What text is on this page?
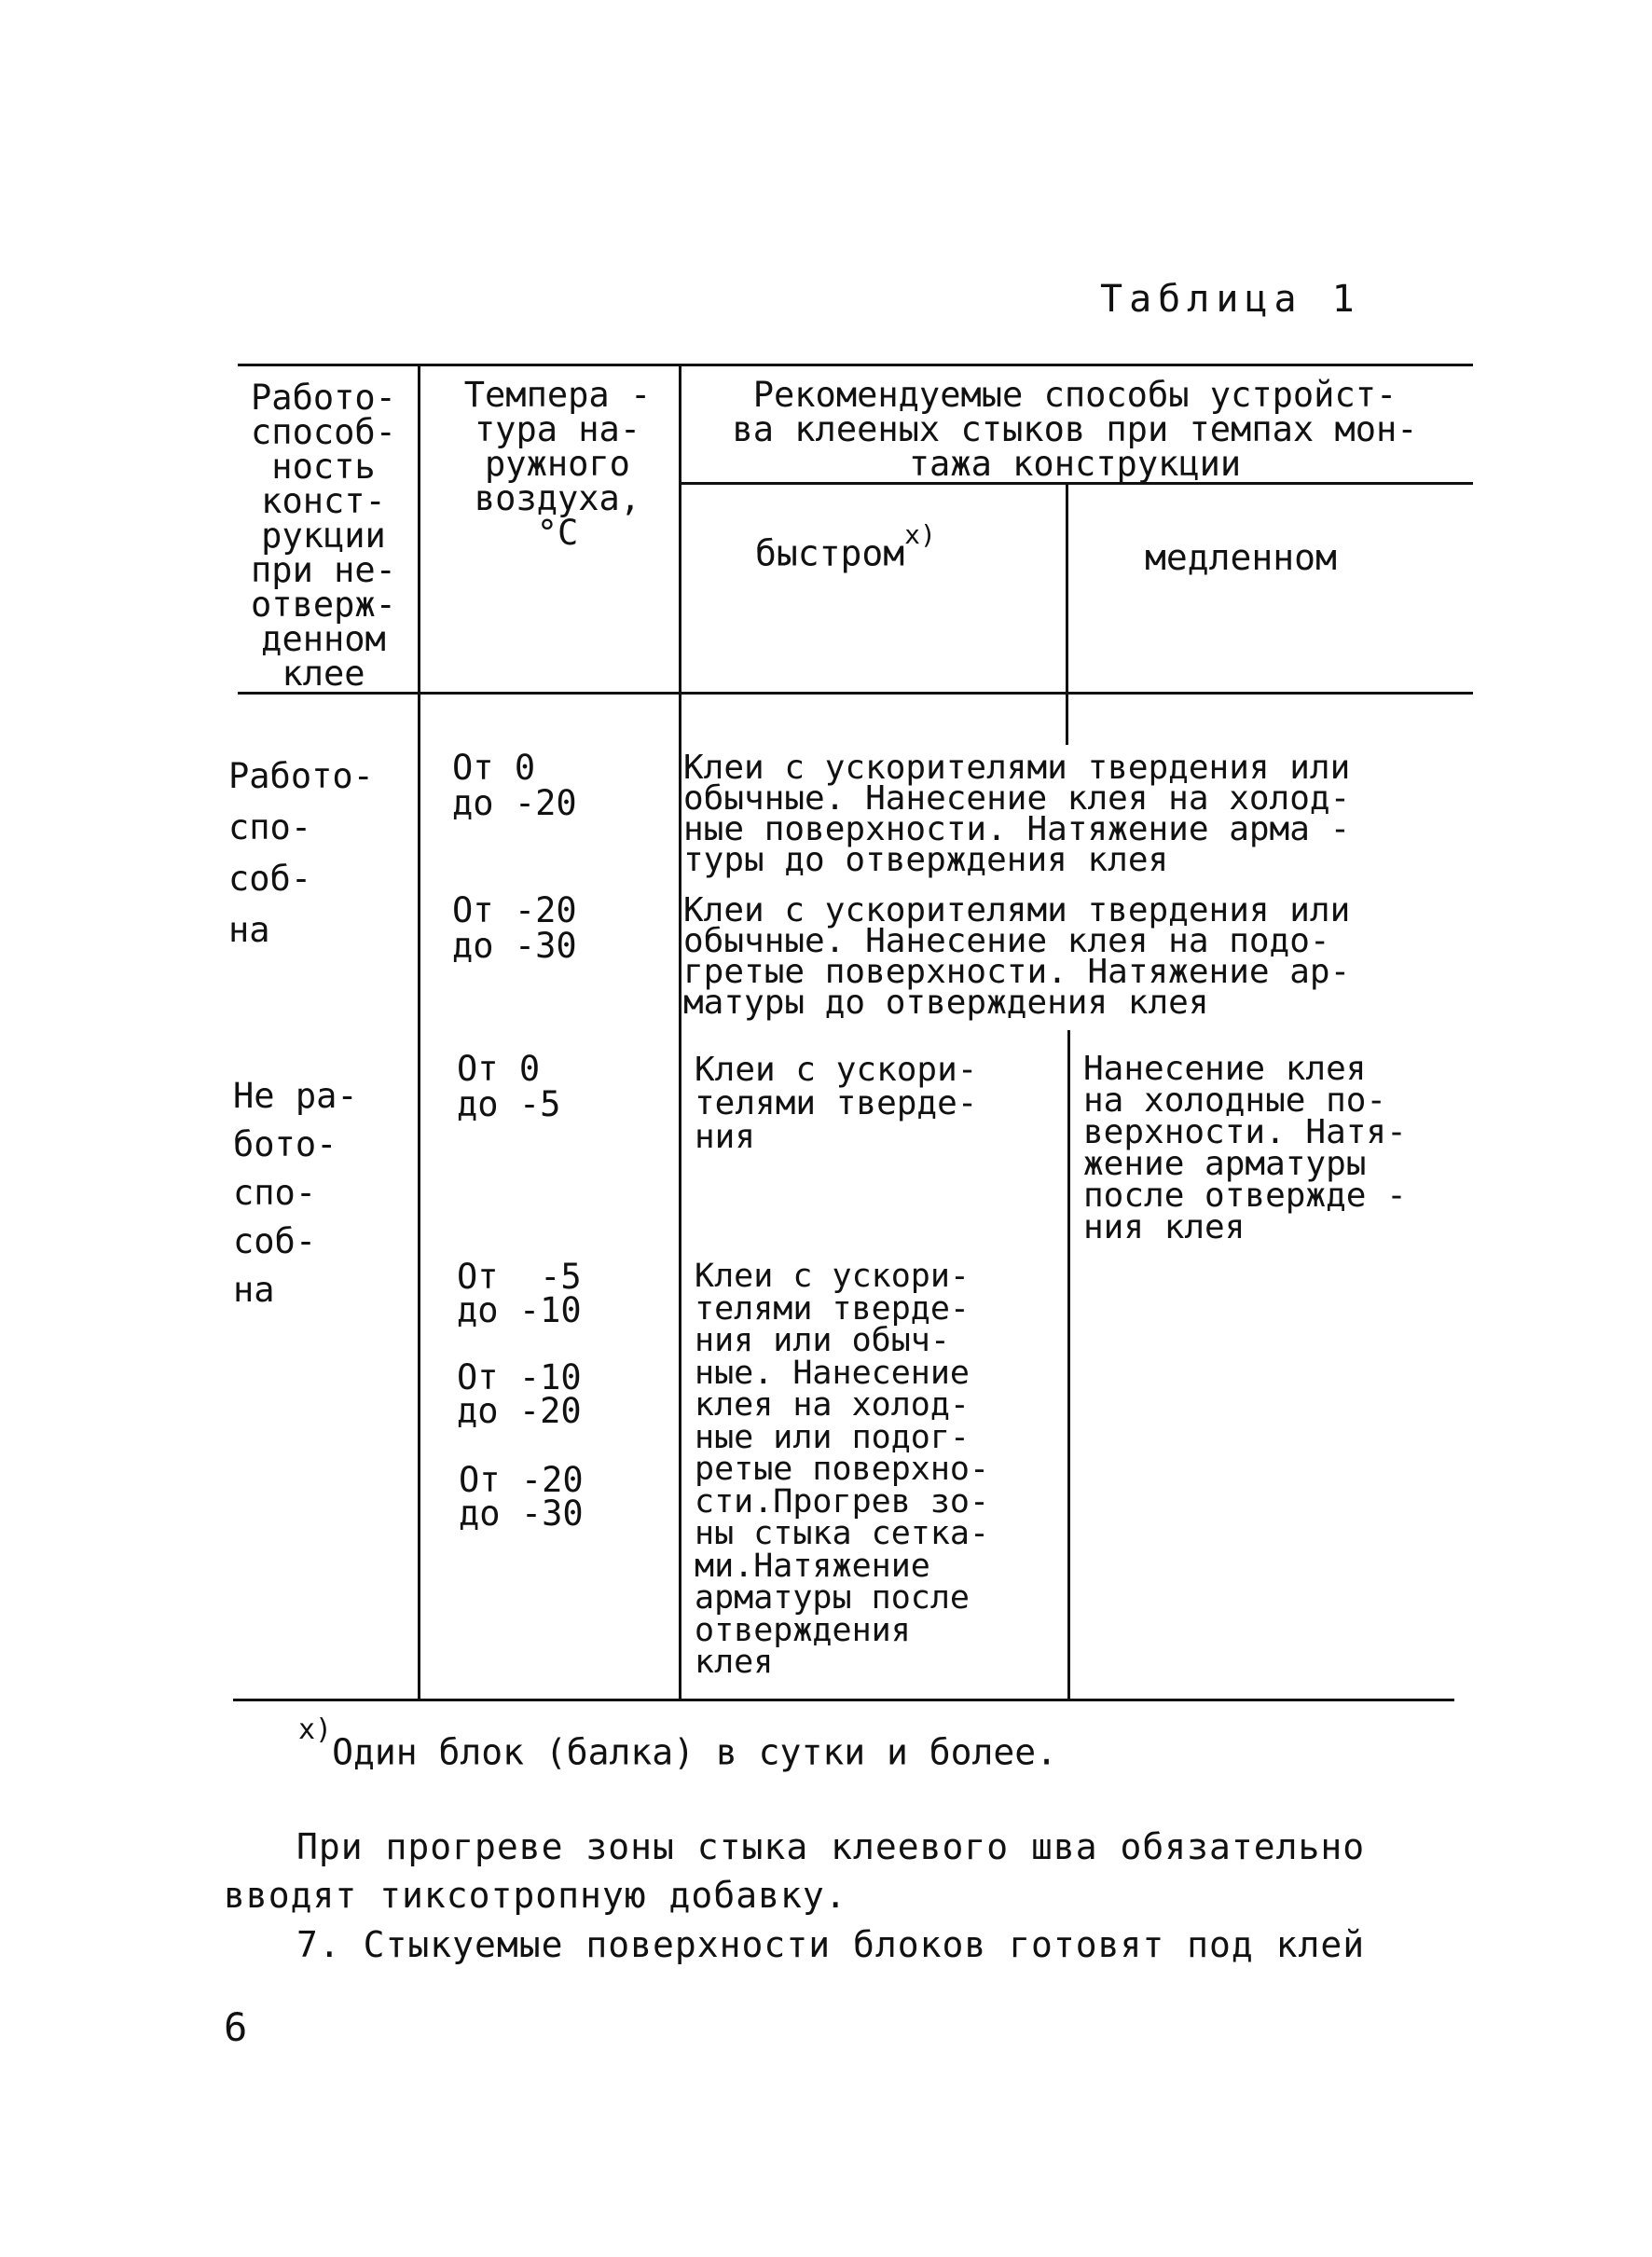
Таблица 1
Работо-
способ-
ность
конст-
рукции
при не-
отверж-
денном
клее
Темпера -
тура на-
ружного
воздуха,
°С
Рекомендуемые способы устройст-
ва клееных стыков при темпах мон-
тажа конструкции
быстром$^{x)}$
медленном
Работо-
спо-
соб-
на
От 0
до -20
Клеи с ускорителями твердения или
обычные. Нанесение клея на холод-
ные поверхности. Натяжение арма -
туры до отверждения клея
От -20
до -30
Клеи с ускорителями твердения или
обычные. Нанесение клея на подо-
гретые поверхности. Натяжение ар-
матуры до отверждения клея
Не ра-
бото-
спо-
соб-
на
От 0
до -5
Клеи с ускори-
телями тверде-
ния
Нанесение клея
на холодные по-
верхности. Натя-
жение арматуры
после отвержде -
ния клея
От  -5
до -10
От -10
до -20
От -20
до -30
Клеи с ускори-
телями тверде-
ния или обыч-
ные. Нанесение
клея на холод-
ные или подог-
ретые поверхно-
сти.Прогрев зо-
ны стыка сетка-
ми.Натяжение
арматуры после
отверждения
клея
$^{x)}$Один блок (балка) в сутки и более.
При прогреве зоны стыка клеевого шва обязательно
вводят тиксотропную добавку.
7. Стыкуемые поверхности блоков готовят под клей
6
